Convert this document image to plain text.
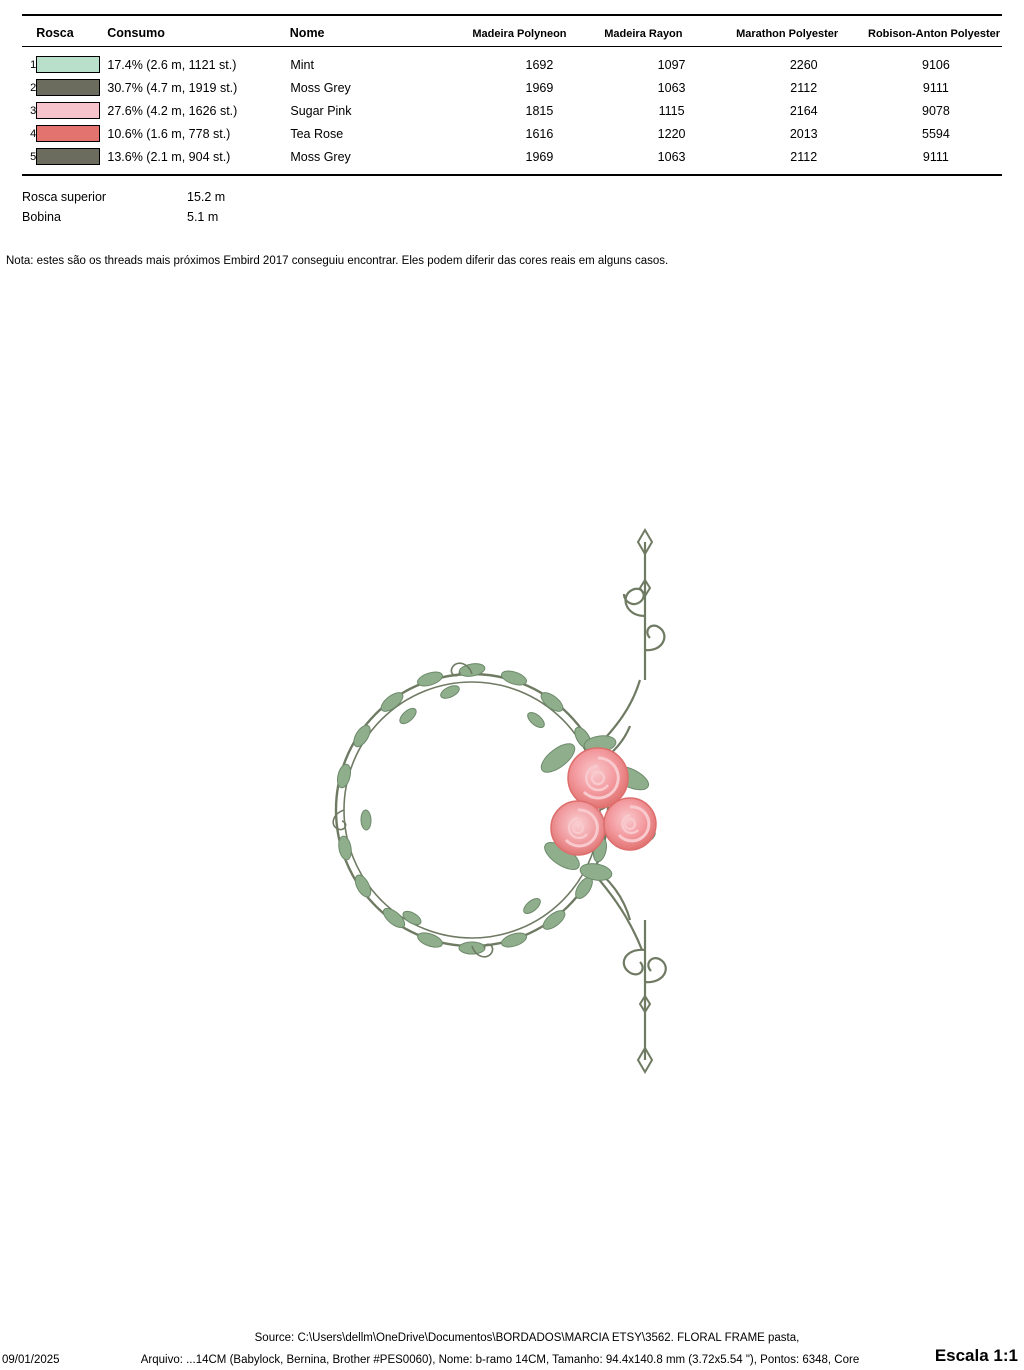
	Rosca	Consumo	Nome	Madeira Polyneon	Madeira Rayon	Marathon Polyester	Robison-Anton Polyester
1		17.4% (2.6 m, 1121 st.)	Mint	1692	1097	2260	9106
2		30.7% (4.7 m, 1919 st.)	Moss Grey	1969	1063	2112	9111
3		27.6% (4.2 m, 1626 st.)	Sugar Pink	1815	1115	2164	9078
4		10.6% (1.6 m, 778 st.)	Tea Rose	1616	1220	2013	5594
5		13.6% (2.1 m, 904 st.)	Moss Grey	1969	1063	2112	9111
Rosca superior	15.2 m
Bobina	5.1 m
Nota: estes são os threads mais próximos Embird 2017 conseguiu encontrar. Eles podem diferir das cores reais em alguns casos.
Source: C:\Users\dellm\OneDrive\Documentos\BORDADOS\MARCIA ETSY\3562. FLORAL FRAME pasta,
09/01/2025	Arquivo: ...14CM (Babylock, Bernina, Brother #PES0060), Nome: b-ramo 14CM, Tamanho: 94.4x140.8 mm (3.72x5.54 "), Pontos: 6348, Core	Escala 1:1
